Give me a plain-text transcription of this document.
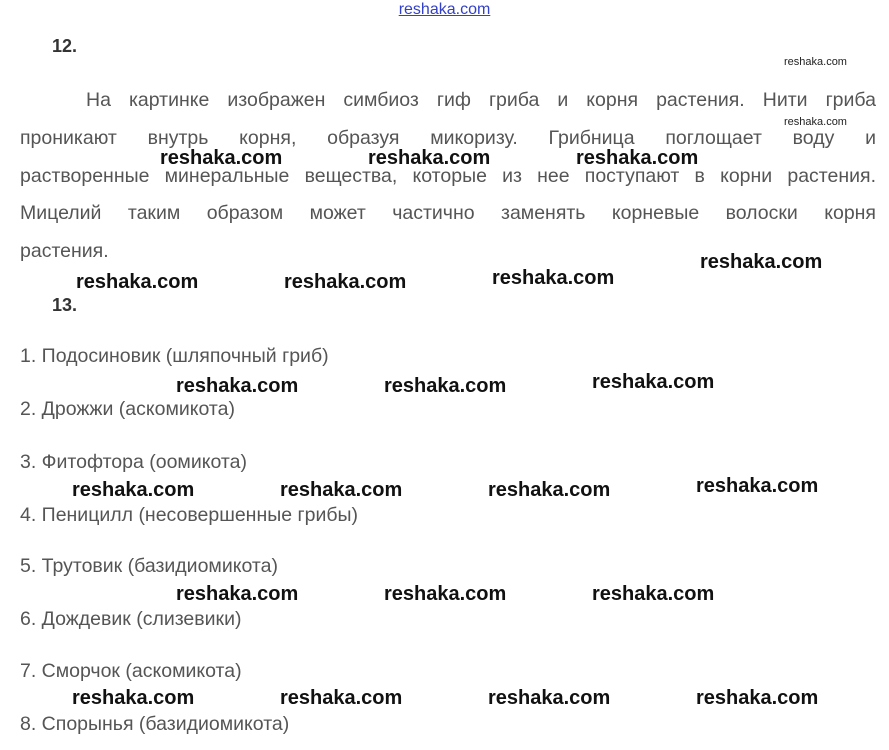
reshaka.com
12.
На картинке изображен симбиоз гиф гриба и корня растения. Нити гриба
проникают внутрь корня, образуя микоризу. Грибница поглощает воду и
растворенные минеральные вещества, которые из нее поступают в корни растения.
Мицелий таким образом может частично заменять корневые волоски корня
растения.
13.
1. Подосиновик (шляпочный гриб)
2. Дрожжи (аскомикота)
3. Фитофтора (оомикота)
4. Пеницилл (несовершенные грибы)
5. Трутовик (базидиомикота)
6. Дождевик (слизевики)
7. Сморчок (аскомикота)
8. Спорынья (базидиомикота)
reshaka.com
reshaka.com
reshaka.com	reshaka.com	reshaka.com
reshaka.com	reshaka.com	reshaka.com
reshaka.com
reshaka.com	reshaka.com	reshaka.com
reshaka.com	reshaka.com	reshaka.com	reshaka.com
reshaka.com	reshaka.com	reshaka.com
reshaka.com	reshaka.com	reshaka.com	reshaka.com
